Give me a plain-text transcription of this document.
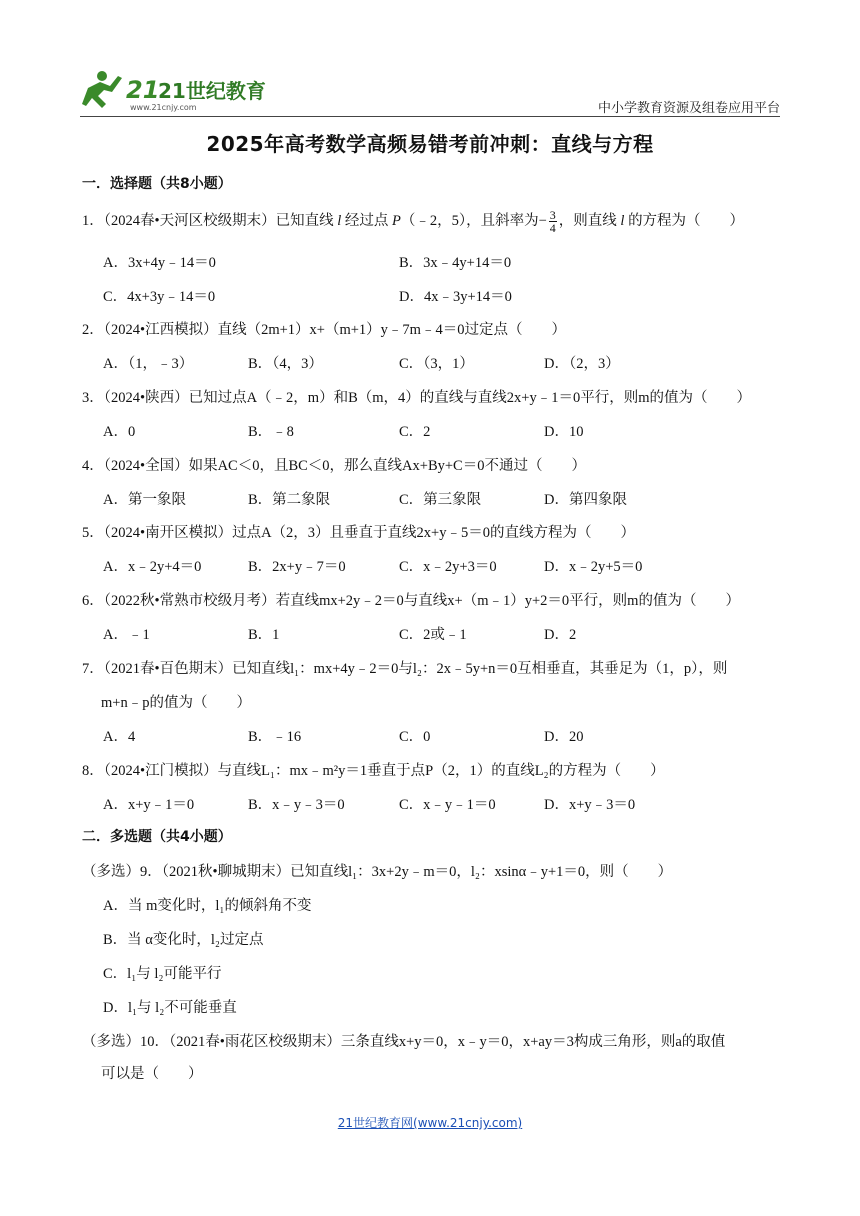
21
21世纪教育
www.21cnjy.com	中小学教育资源及组卷应用平台
2025年高考数学高频易错考前冲刺：直线与方程
一．选择题（共8小题）
1．（2024春•天河区校级期末）已知直线 l 经过点 P（﹣2，5），且斜率为− $\frac{3}{4}$ ，则直线 l 的方程为（　　）
A．3x+4y﹣14＝0	B．3x﹣4y+14＝0
C．4x+3y﹣14＝0	D．4x﹣3y+14＝0
2．（2024•江西模拟）直线（2m+1）x+（m+1）y﹣7m﹣4＝0过定点（　　）
A．（1，﹣3）	B．（4，3）	C．（3，1）	D．（2，3）
3．（2024•陕西）已知过点A（﹣2，m）和B（m，4）的直线与直线2x+y﹣1＝0平行，则m的值为（　　）
A．0	B．﹣8	C．2	D．10
4．（2024•全国）如果AC＜0，且BC＜0，那么直线Ax+By+C＝0不通过（　　）
A．第一象限	B．第二象限	C．第三象限	D．第四象限
5．（2024•南开区模拟）过点A（2，3）且垂直于直线2x+y﹣5＝0的直线方程为（　　）
A．x﹣2y+4＝0	B．2x+y﹣7＝0	C．x﹣2y+3＝0	D．x﹣2y+5＝0
6．（2022秋•常熟市校级月考）若直线mx+2y﹣2＝0与直线x+（m﹣1）y+2＝0平行，则m的值为（　　）
A．﹣1	B．1	C．2或﹣1	D．2
7．（2021春•百色期末）已知直线l₁：mx+4y﹣2＝0与l₂：2x﹣5y+n＝0互相垂直，其垂足为（1，p），则
m+n﹣p的值为（　　）
A．4	B．﹣16	C．0	D．20
8．（2024•江门模拟）与直线L₁：mx﹣m²y＝1垂直于点P（2，1）的直线L₂的方程为（　　）
A．x+y﹣1＝0	B．x﹣y﹣3＝0	C．x﹣y﹣1＝0	D．x+y﹣3＝0
二．多选题（共4小题）
（多选）9．（2021秋•聊城期末）已知直线l₁：3x+2y﹣m＝0，l₂：xsinα﹣y+1＝0，则（　　）
A．当 m变化时，l₁的倾斜角不变
B．当 α变化时，l₂过定点
C．l₁与 l₂可能平行
D．l₁与 l₂不可能垂直
（多选）10．（2021春•雨花区校级期末）三条直线x+y＝0，x﹣y＝0，x+ay＝3构成三角形，则a的取值
可以是（　　）
21世纪教育网(www.21cnjy.com)
